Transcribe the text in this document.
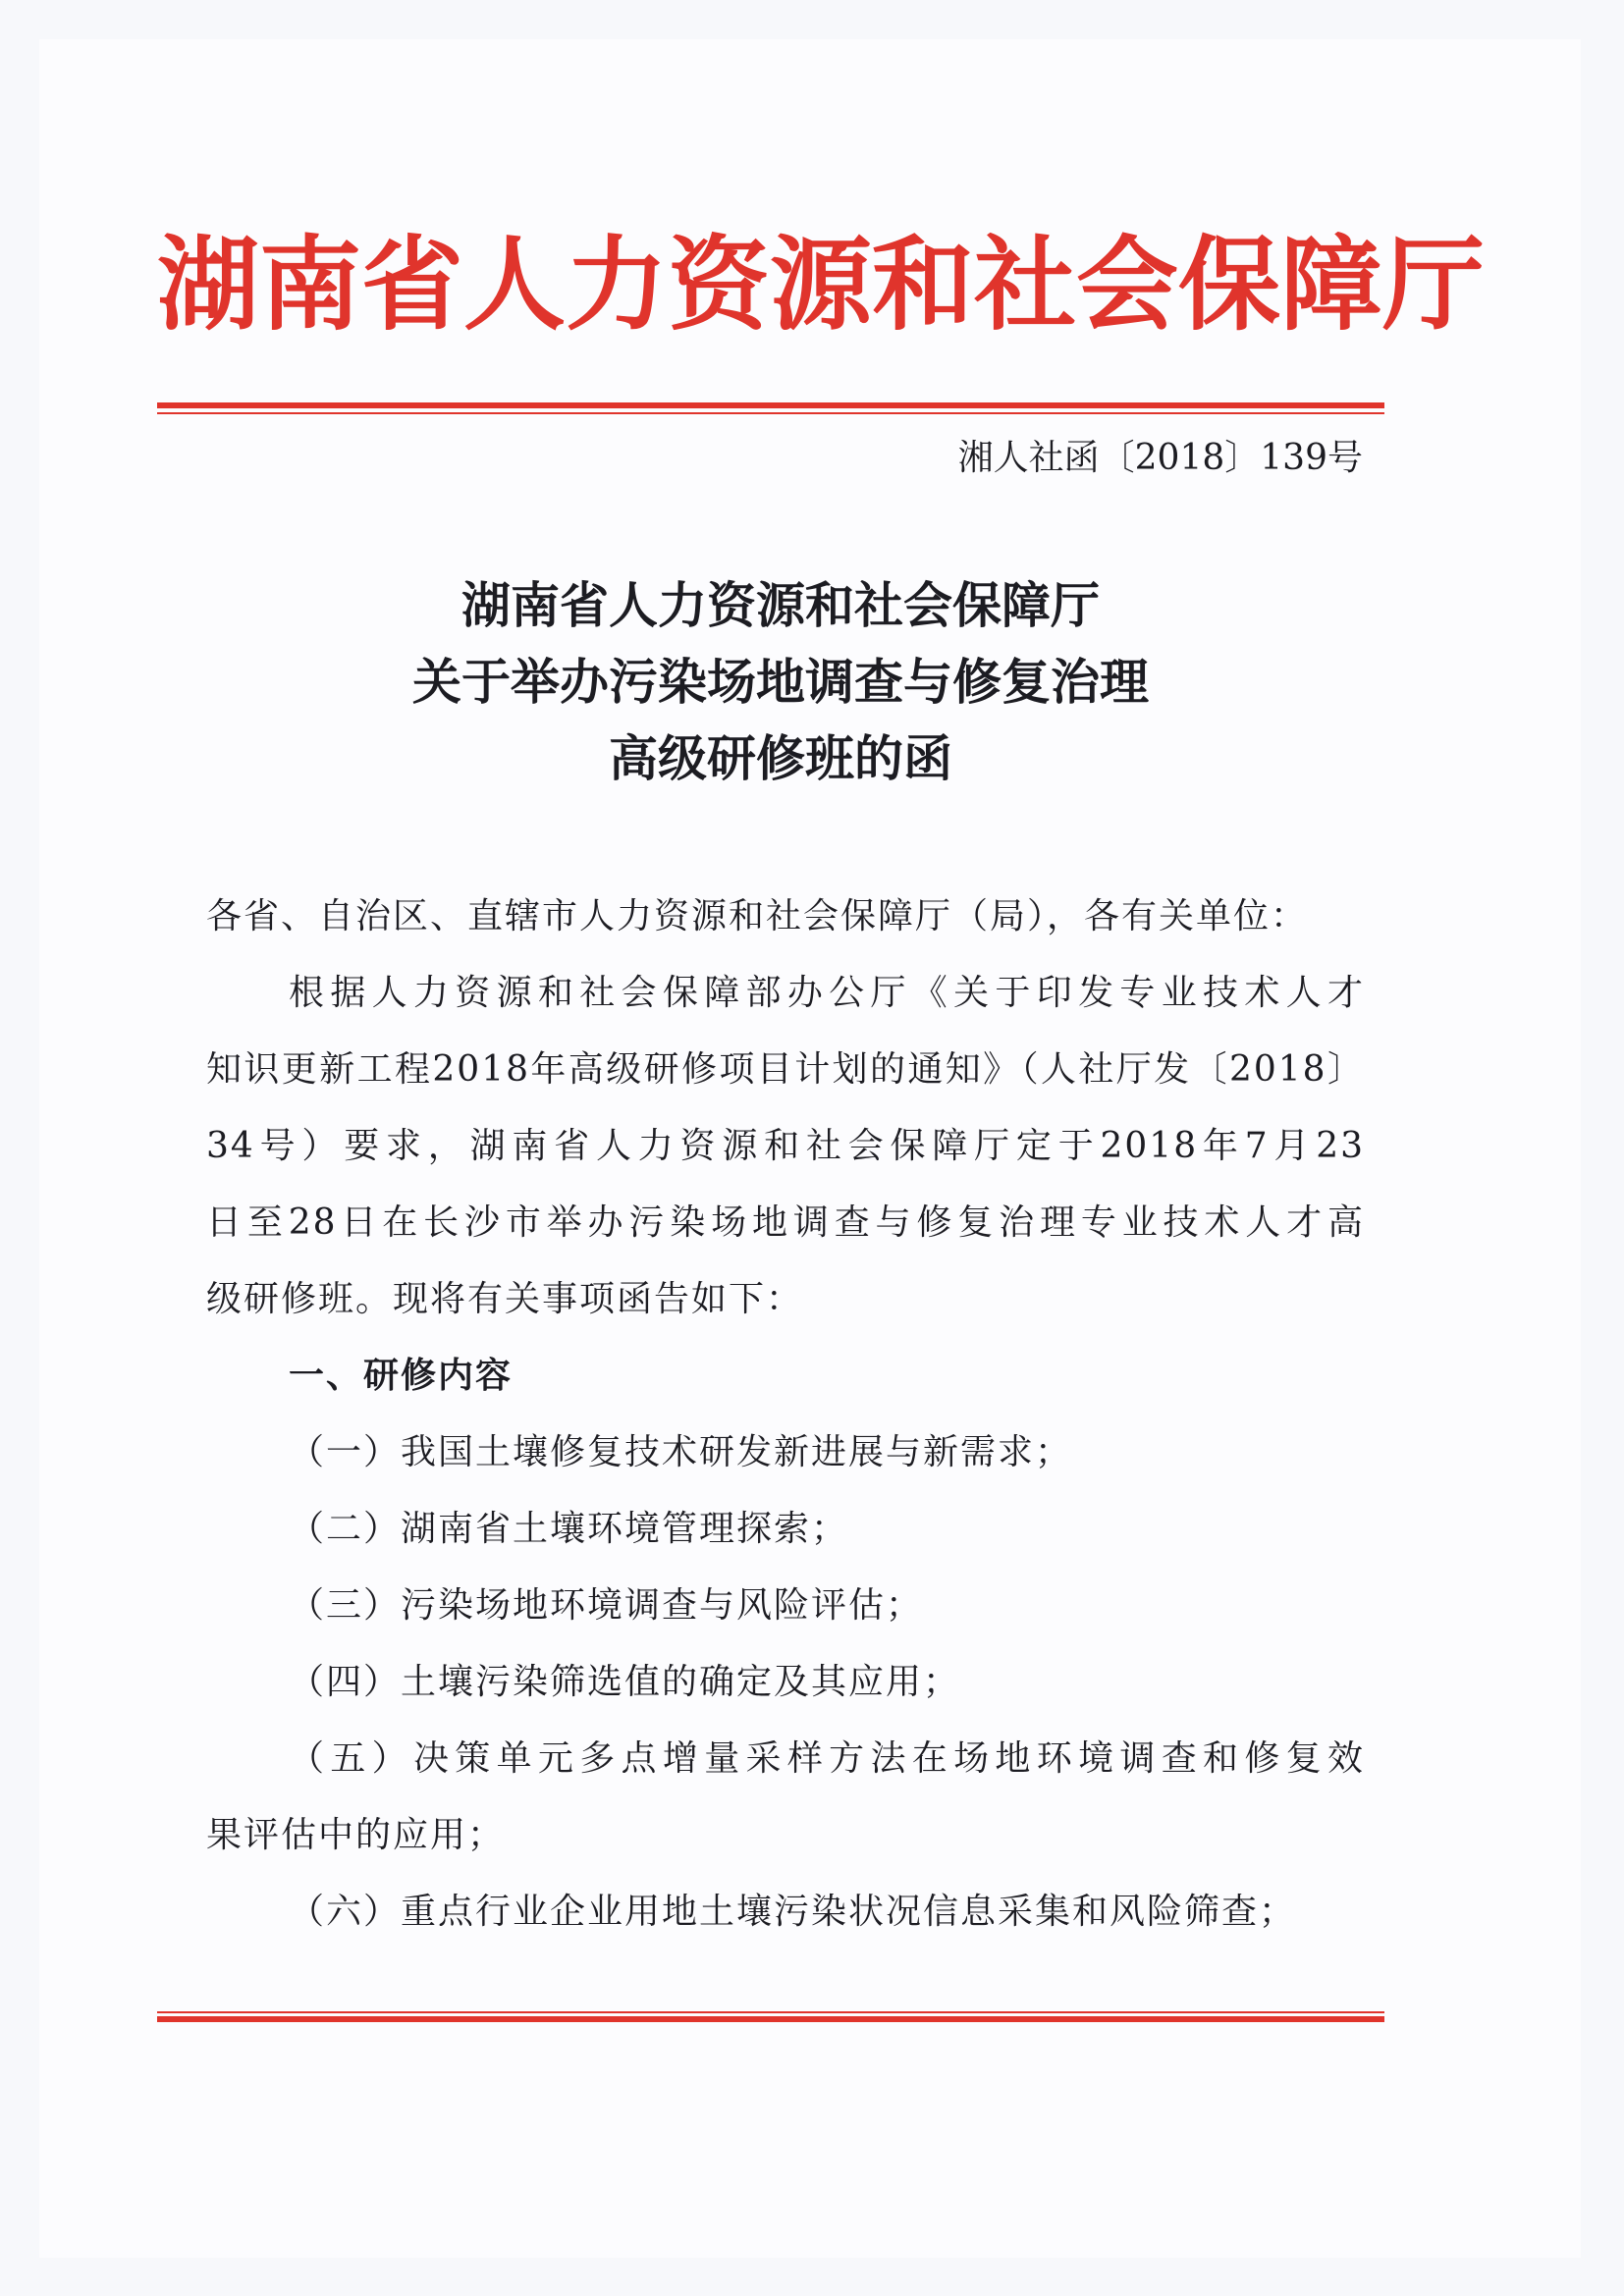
湖南省人力资源和社会保障厅
湘人社函〔2018〕139号
湖南省人力资源和社会保障厅
关于举办污染场地调查与修复治理
高级研修班的函
各省、自治区、直辖市人力资源和社会保障厅（局），各有关单位：
根据人力资源和社会保障部办公厅《关于印发专业技术人才
知识更新工程2018年高级研修项目计划的通知》（人社厅发〔2018〕
34号）要求，湖南省人力资源和社会保障厅定于2018年7月23
日至28日在长沙市举办污染场地调查与修复治理专业技术人才高
级研修班。现将有关事项函告如下：
一、研修内容
（一）我国土壤修复技术研发新进展与新需求；
（二）湖南省土壤环境管理探索；
（三）污染场地环境调查与风险评估；
（四）土壤污染筛选值的确定及其应用；
（五）决策单元多点增量采样方法在场地环境调查和修复效
果评估中的应用；
（六）重点行业企业用地土壤污染状况信息采集和风险筛查；
